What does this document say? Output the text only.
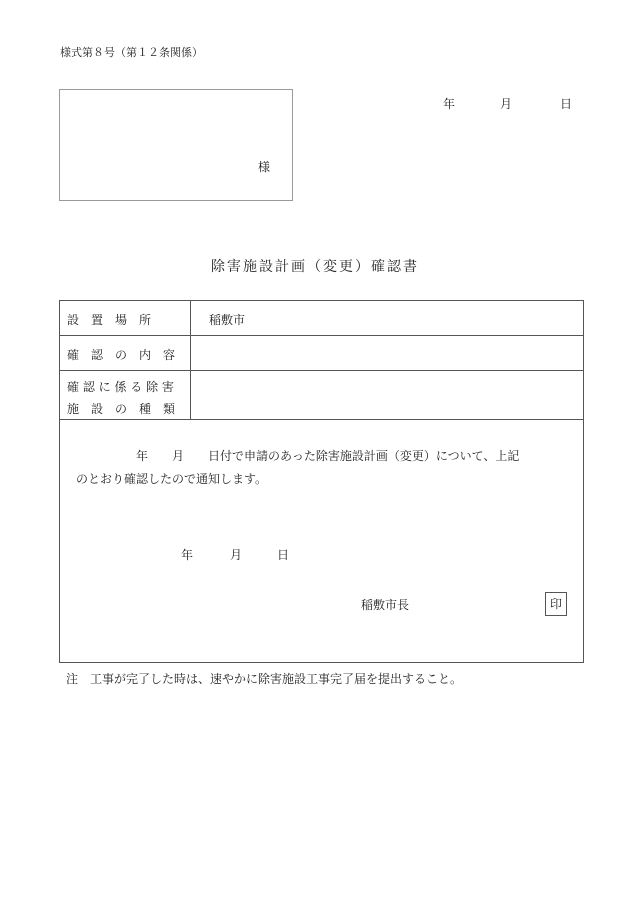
様式第８号（第１２条関係）
様
年	月	日
除害施設計画（変更）確認書
設　置　場　所	稲敷市
確　認　の　内　容
確 認 に 係 る 除 害
施　設　の　種　類
　　　　　年　　月　　日付で申請のあった除害施設計画（変更）について、上記
のとおり確認したので通知します。
年	月	日
稲敷市長	印
注　工事が完了した時は、速やかに除害施設工事完了届を提出すること。
